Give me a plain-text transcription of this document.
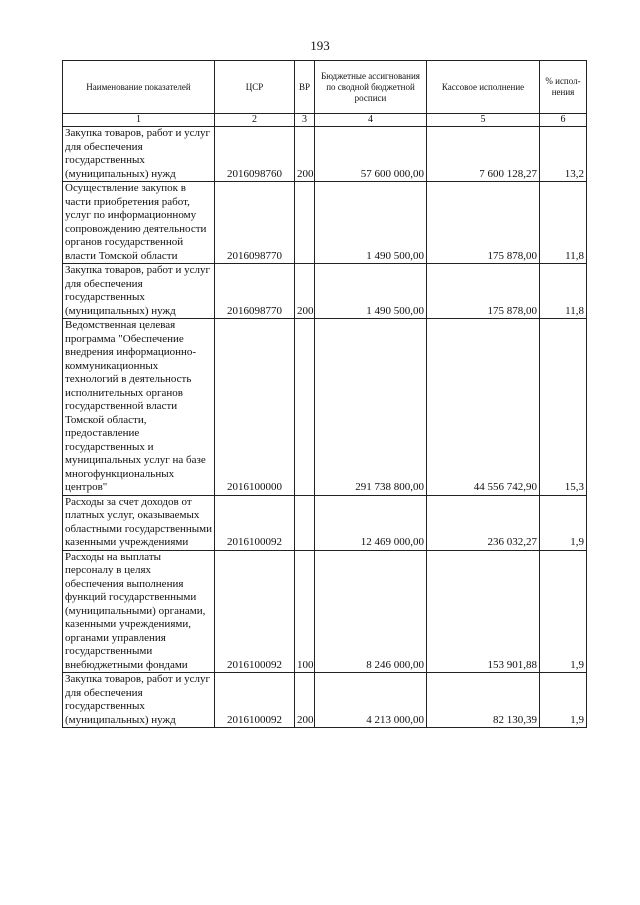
193
Наименование показателей	ЦСР	ВР	Бюджетные ассигнования по сводной бюджетной росписи	Кассовое исполнение	% испол-нения
1	2	3	4	5	6
Закупка товаров, работ и услуг для обеспечения государственных (муниципальных) нужд	2016098760	200	57 600 000,00	7 600 128,27	13,2
Осуществление закупок в части приобретения работ, услуг по информационному сопровождению деятельности органов государственной власти Томской области	2016098770		1 490 500,00	175 878,00	11,8
Закупка товаров, работ и услуг для обеспечения государственных (муниципальных) нужд	2016098770	200	1 490 500,00	175 878,00	11,8
Ведомственная целевая программа "Обеспечение внедрения информационно-коммуникационных технологий в деятельность исполнительных органов государственной власти Томской области, предоставление государственных и муниципальных услуг на базе многофункциональных центров"	2016100000		291 738 800,00	44 556 742,90	15,3
Расходы за счет доходов от платных услуг, оказываемых областными государственными казенными учреждениями	2016100092		12 469 000,00	236 032,27	1,9
Расходы на выплаты персоналу в целях обеспечения выполнения функций государственными (муниципальными) органами, казенными учреждениями, органами управления государственными внебюджетными фондами	2016100092	100	8 246 000,00	153 901,88	1,9
Закупка товаров, работ и услуг для обеспечения государственных (муниципальных) нужд	2016100092	200	4 213 000,00	82 130,39	1,9
